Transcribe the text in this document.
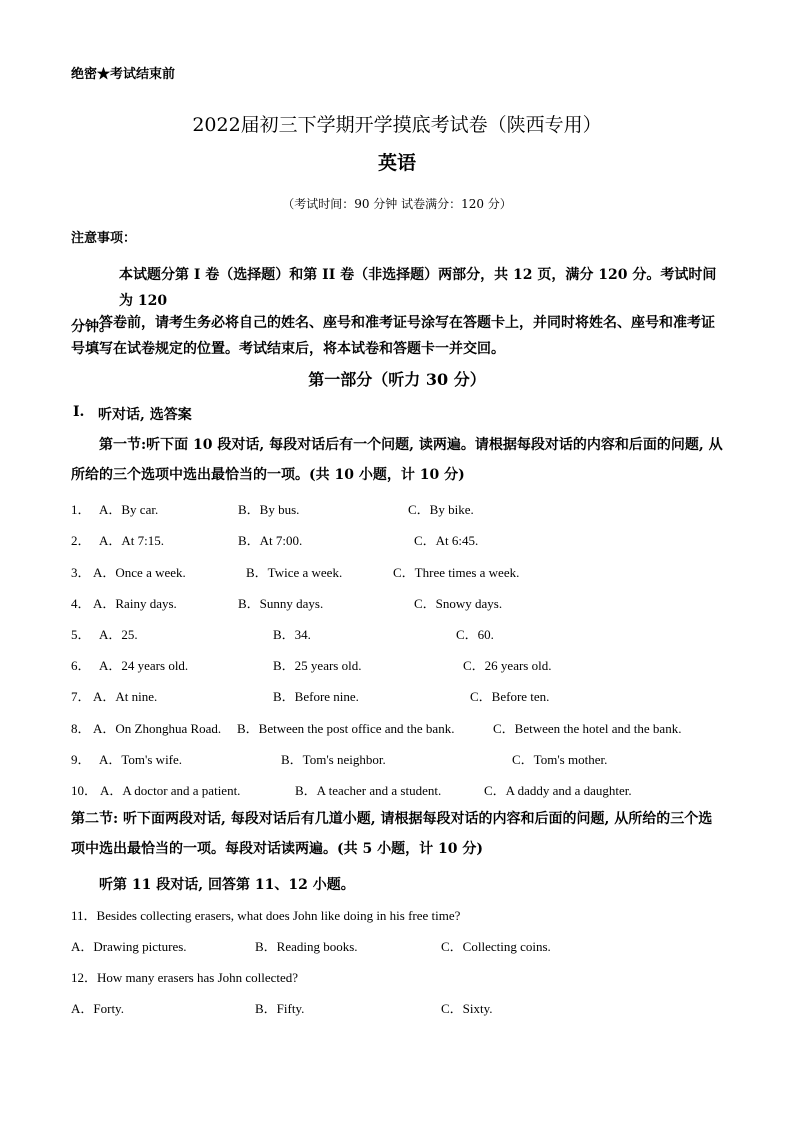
绝密★考试结束前
2022届初三下学期开学摸底考试卷（陕西专用）
英语
（考试时间：90 分钟 试卷满分：120 分）
注意事项：
本试题分第 I 卷（选择题）和第 II 卷（非选择题）两部分，共 12 页，满分 120 分。考试时间为 120
分钟。
答卷前，请考生务必将自己的姓名、座号和准考证号涂写在答题卡上，并同时将姓名、座号和准考证
号填写在试卷规定的位置。考试结束后，将本试卷和答题卡一并交回。
第一部分（听力 30 分）
I. 听对话, 选答案
第一节:听下面 10 段对话, 每段对话后有一个问题, 读两遍。请根据每段对话的内容和后面的问题, 从
所给的三个选项中选出最恰当的一项。(共 10 小题，计 10 分)
1． A．By car.	B．By bus.	C．By bike.
2． A．At 7:15.	B．At 7:00.	C．At 6:45.
3． A．Once a week.	B．Twice a week.	C．Three times a week.
4． A．Rainy days.	B．Sunny days.	C．Snowy days.
5． A．25.	B．34.	C．60.
6． A．24 years old.	B．25 years old.	C．26 years old.
7． A．At nine.	B．Before nine.	C．Before ten.
8． A．On Zhonghua Road. B．Between the post office and the bank.	C．Between the hotel and the bank.
9． A．Tom's wife.	B．Tom's neighbor.	C．Tom's mother.
10． A．A doctor and a patient.	B．A teacher and a student.	C．A daddy and a daughter.
第二节: 听下面两段对话, 每段对话后有几道小题, 请根据每段对话的内容和后面的问题, 从所给的三个选
项中选出最恰当的一项。每段对话读两遍。(共 5 小题，计 10 分)
听第 11 段对话, 回答第 11、12 小题。
11．Besides collecting erasers, what does John like doing in his free time?
A．Drawing pictures.	B．Reading books.	C．Collecting coins.
12．How many erasers has John collected?
A．Forty.	B．Fifty.	C．Sixty.
